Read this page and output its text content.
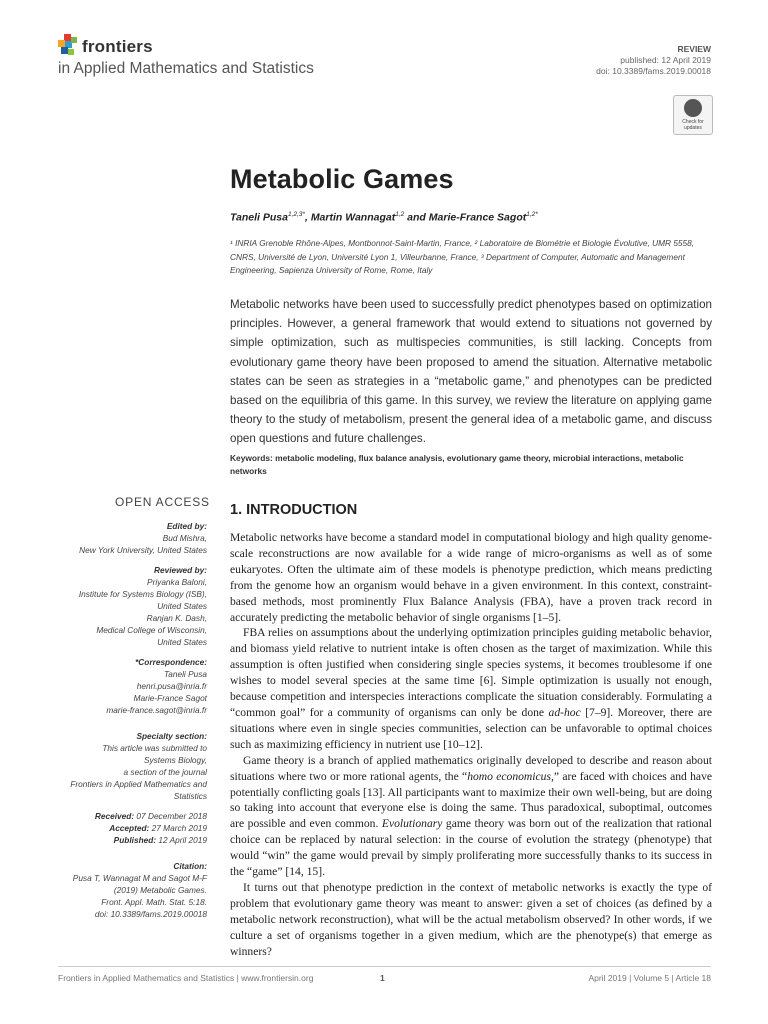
frontiers
in Applied Mathematics and Statistics
REVIEW
published: 12 April 2019
doi: 10.3389/fams.2019.00018
Check for updates
Metabolic Games
Taneli Pusa$^{1,2,3*}$, Martin Wannagat$^{1,2}$ and Marie-France Sagot$^{1,2*}$
¹ INRIA Grenoble Rhône-Alpes, Montbonnot-Saint-Martin, France, ² Laboratoire de Biométrie et Biologie Évolutive, UMR 5558, CNRS, Université de Lyon, Université Lyon 1, Villeurbanne, France, ³ Department of Computer, Automatic and Management Engineering, Sapienza University of Rome, Rome, Italy
Metabolic networks have been used to successfully predict phenotypes based on optimization principles. However, a general framework that would extend to situations not governed by simple optimization, such as multispecies communities, is still lacking. Concepts from evolutionary game theory have been proposed to amend the situation. Alternative metabolic states can be seen as strategies in a “metabolic game,” and phenotypes can be predicted based on the equilibria of this game. In this survey, we review the literature on applying game theory to the study of metabolism, present the general idea of a metabolic game, and discuss open questions and future challenges.
Keywords: metabolic modeling, flux balance analysis, evolutionary game theory, microbial interactions, metabolic networks
OPEN ACCESS
Edited by:
Bud Mishra,
New York University, United States
Reviewed by:
Priyanka Baloni,
Institute for Systems Biology (ISB),
United States
Ranjan K. Dash,
Medical College of Wisconsin,
United States
*Correspondence:
Taneli Pusa
henri.pusa@inria.fr
Marie-France Sagot
marie-france.sagot@inria.fr
Specialty section:
This article was submitted to
Systems Biology,
a section of the journal
Frontiers in Applied Mathematics and
Statistics
Received: 07 December 2018
Accepted: 27 March 2019
Published: 12 April 2019
Citation:
Pusa T, Wannagat M and Sagot M-F
(2019) Metabolic Games.
Front. Appl. Math. Stat. 5:18.
doi: 10.3389/fams.2019.00018
1. INTRODUCTION

Metabolic networks have become a standard model in computational biology and high quality genome-scale reconstructions are now available for a wide range of micro-organisms as well as of some eukaryotes. Often the ultimate aim of these models is phenotype prediction, which means predicting from the genome how an organism would behave in a given environment. In this context, constraint-based methods, most prominently Flux Balance Analysis (FBA), have a proven track record in accurately predicting the metabolic behavior of single organisms [1–5].

FBA relies on assumptions about the underlying optimization principles guiding metabolic behavior, and biomass yield relative to nutrient intake is often chosen as the target of maximization. While this assumption is often justified when considering single species systems, it becomes troublesome if one wishes to model several species at the same time [6]. Simple optimization is usually not enough, because competition and interspecies interactions complicate the situation considerably. Formulating a “common goal” for a community of organisms can only be done ad-hoc [7–9]. Moreover, there are situations where even in single species communities, selection can be unfavorable to optimal choices such as maximizing efficiency in nutrient use [10–12].

Game theory is a branch of applied mathematics originally developed to describe and reason about situations where two or more rational agents, the “homo economicus,” are faced with choices and have potentially conflicting goals [13]. All participants want to maximize their own well-being, but are doing so taking into account that everyone else is doing the same. Thus paradoxical, suboptimal, outcomes are possible and even common. Evolutionary game theory was born out of the realization that rational choice can be replaced by natural selection: in the course of evolution the strategy (phenotype) that would “win” the game would prevail by simply proliferating more successfully thanks to its success in the “game” [14, 15].

It turns out that phenotype prediction in the context of metabolic networks is exactly the type of problem that evolutionary game theory was meant to answer: given a set of choices (as defined by a metabolic network reconstruction), what will be the actual metabolism observed? In other words, if we culture a set of organisms together in a given medium, which are the phenotype(s) that emerge as winners?

Frontiers in Applied Mathematics and Statistics | www.frontiersin.org	1	April 2019 | Volume 5 | Article 18
